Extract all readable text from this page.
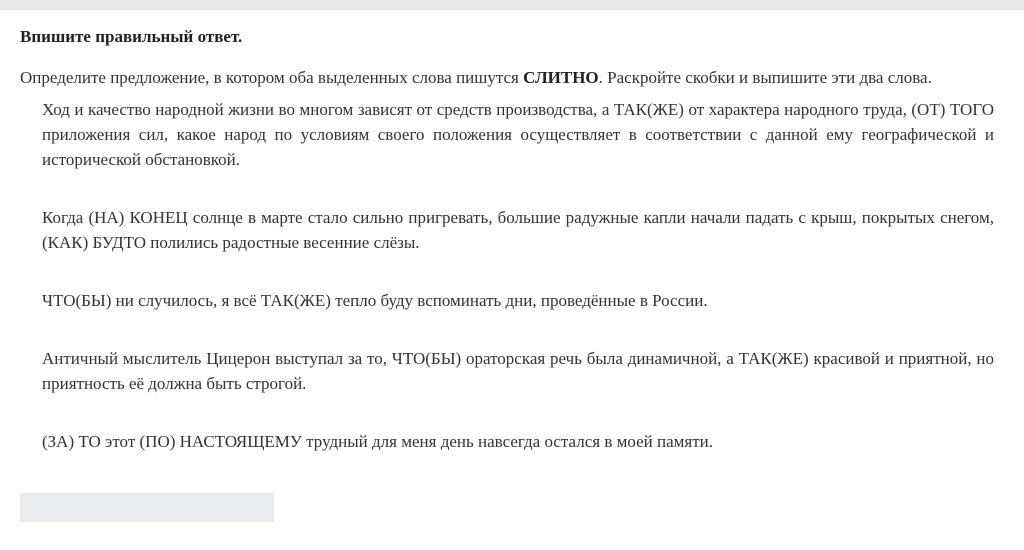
Впишите правильный ответ.

Определите предложение, в котором оба выделенных слова пишутся СЛИТНО. Раскройте скобки и выпишите эти два слова.

Ход и качество народной жизни во многом зависят от средств производства, а ТАК(ЖЕ) от характера народного труда, (ОТ) ТОГО приложения сил, какое народ по условиям своего положения осуществляет в соответствии с данной ему географической и исторической обстановкой.

Когда (НА) КОНЕЦ солнце в марте стало сильно пригревать, большие радужные капли начали падать с крыш, покрытых снегом, (КАК) БУДТО полились радостные весенние слёзы.

ЧТО(БЫ) ни случилось, я всё ТАК(ЖЕ) тепло буду вспоминать дни, проведённые в России.

Античный мыслитель Цицерон выступал за то, ЧТО(БЫ) ораторская речь была динамичной, а ТАК(ЖЕ) красивой и приятной, но приятность её должна быть строгой.

(ЗА) ТО этот (ПО) НАСТОЯЩЕМУ трудный для меня день навсегда остался в моей памяти.
